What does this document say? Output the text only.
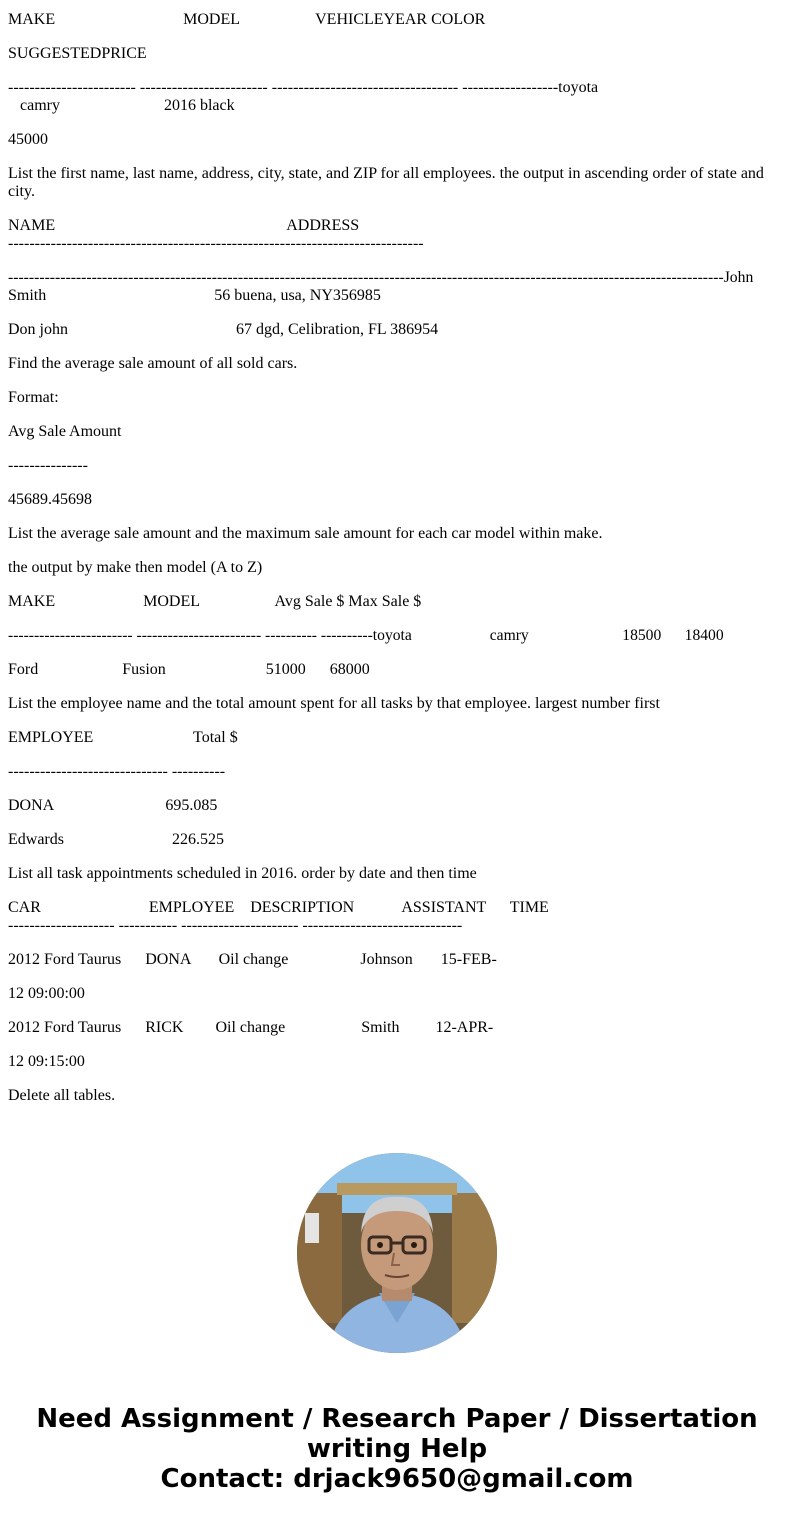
MAKE                                MODEL                   VEHICLEYEAR COLOR

SUGGESTEDPRICE

------------------------ ------------------------ ----------------------------------- ------------------toyota

camry                          2016 black

45000

List the first name, last name, address, city, state, and ZIP for all employees. the output in ascending order of state and city.

NAME                                                          ADDRESS

------------------------------------------------------------------------------

-----------------------------------------------------------------------------------------------------------------------------------------John

Smith                                          56 buena, usa, NY356985

Don john                                          67 dgd, Celibration, FL 386954

Find the average sale amount of all sold cars.

Format:

Avg Sale Amount

---------------

45689.45698

List the average sale amount and the maximum sale amount for each car model within make.

the output by make then model (A to Z)

MAKE                      MODEL                   Avg Sale $ Max Sale $

------------------------ ------------------------ ---------- ----------toyota                    camry                        18500      18400

Ford                     Fusion                         51000      68000

List the employee name and the total amount spent for all tasks by that employee. largest number first

EMPLOYEE                         Total $

------------------------------ ----------

DONA                            695.085

Edwards                           226.525

List all task appointments scheduled in 2016. order by date and then time

CAR                           EMPLOYEE    DESCRIPTION            ASSISTANT      TIME

-------------------- ----------- ---------------------- ------------------------------

2012 Ford Taurus      DONA       Oil change                  Johnson       15-FEB-

12 09:00:00

2012 Ford Taurus      RICK        Oil change                   Smith         12-APR-

12 09:15:00

Delete all tables.

Need Assignment / Research Paper / Dissertation
writing Help
Contact: drjack9650@gmail.com
